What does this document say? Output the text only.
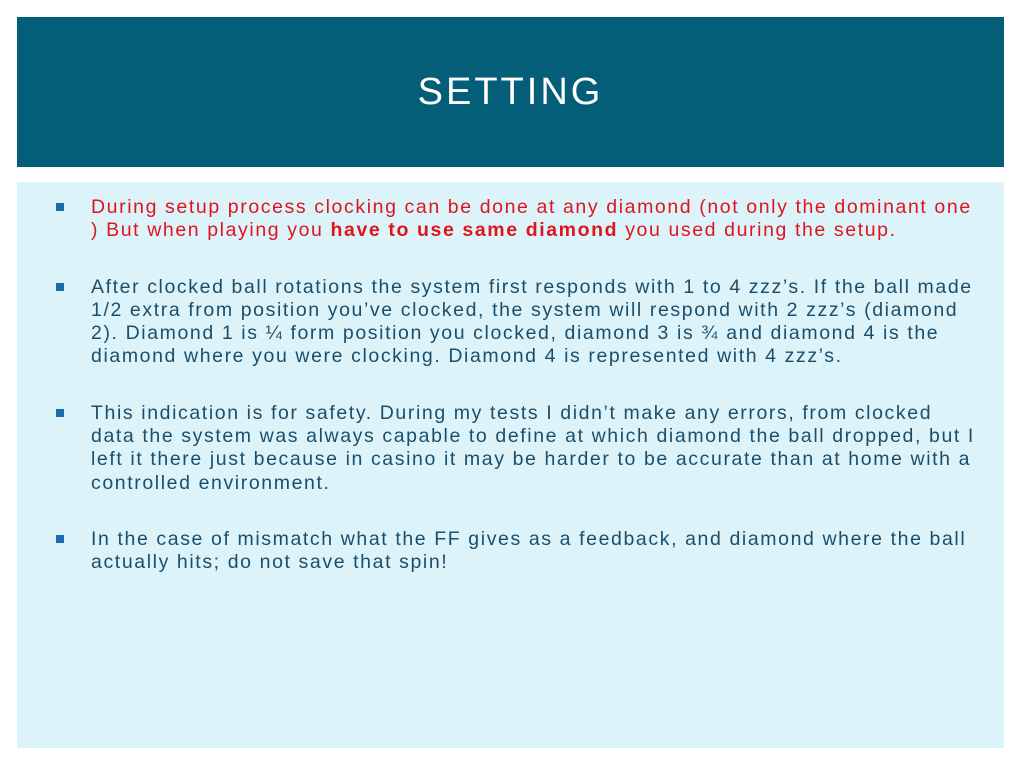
SETTING
During setup process clocking can be done at any diamond (not only the dominant one ) But when playing you have to use same diamond you used during the setup.
After clocked ball rotations the system first responds with 1 to 4 zzz’s. If the ball made 1/2 extra from position you’ve clocked, the system will respond with 2 zzz’s (diamond 2). Diamond 1 is ¼ form position you clocked, diamond 3 is ¾ and diamond 4 is the diamond where you were clocking. Diamond 4 is represented with 4 zzz’s.
This indication is for safety. During my tests I didn’t make any errors, from clocked data the system was always capable to define at which diamond the ball dropped, but I left it there just because in casino it may be harder to be accurate than at home with a controlled environment.
In the case of mismatch what the FF gives as a feedback, and diamond where the ball actually hits; do not save that spin!
